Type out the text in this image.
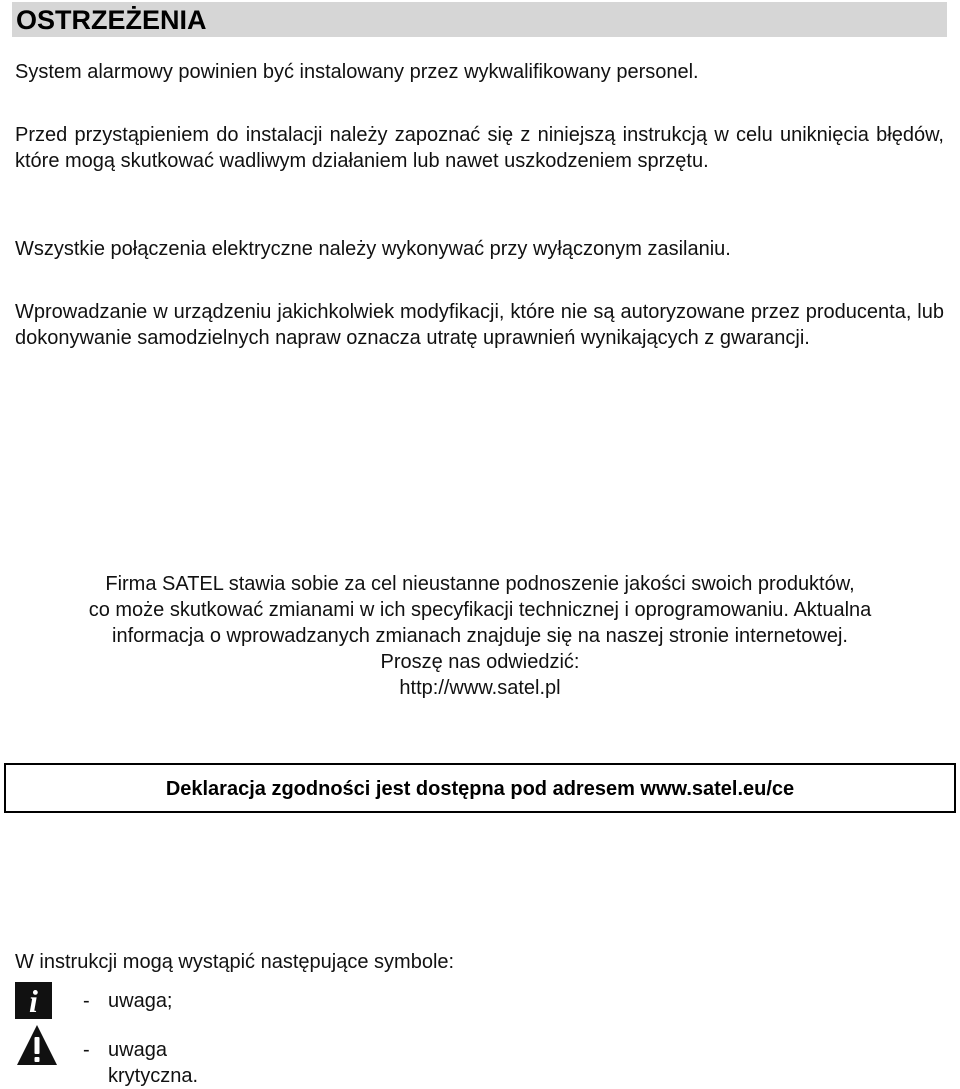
OSTRZEŻENIA

System alarmowy powinien być instalowany przez wykwalifikowany personel.

Przed przystąpieniem do instalacji należy zapoznać się z niniejszą instrukcją w celu uniknięcia błędów, które mogą skutkować wadliwym działaniem lub nawet uszkodzeniem sprzętu.

Wszystkie połączenia elektryczne należy wykonywać przy wyłączonym zasilaniu.

Wprowadzanie w urządzeniu jakichkolwiek modyfikacji, które nie są autoryzowane przez producenta, lub dokonywanie samodzielnych napraw oznacza utratę uprawnień wynikających z gwarancji.

Firma SATEL stawia sobie za cel nieustanne podnoszenie jakości swoich produktów,
co może skutkować zmianami w ich specyfikacji technicznej i oprogramowaniu. Aktualna
informacja o wprowadzanych zmianach znajduje się na naszej stronie internetowej.
Proszę nas odwiedzić:
http://www.satel.pl
Deklaracja zgodności jest dostępna pod adresem www.satel.eu/ce
W instrukcji mogą wystąpić następujące symbole:
i - uwaga;
- uwaga krytyczna.
